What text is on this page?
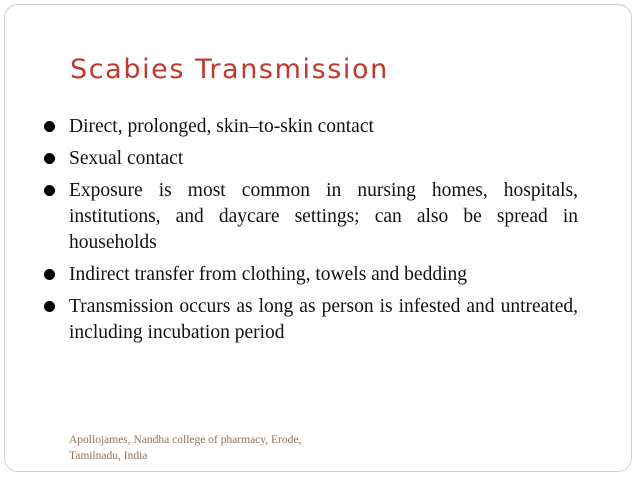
Scabies Transmission
Direct, prolonged, skin–to-skin contact
Sexual contact
Exposure is most common in nursing homes, hospitals, institutions, and daycare settings; can also be spread in households
Indirect transfer from clothing, towels and bedding
Transmission occurs as long as person is infested and untreated, including incubation period
Apollojames, Nandha college of pharmacy, Erode,
Tamilnadu, India
